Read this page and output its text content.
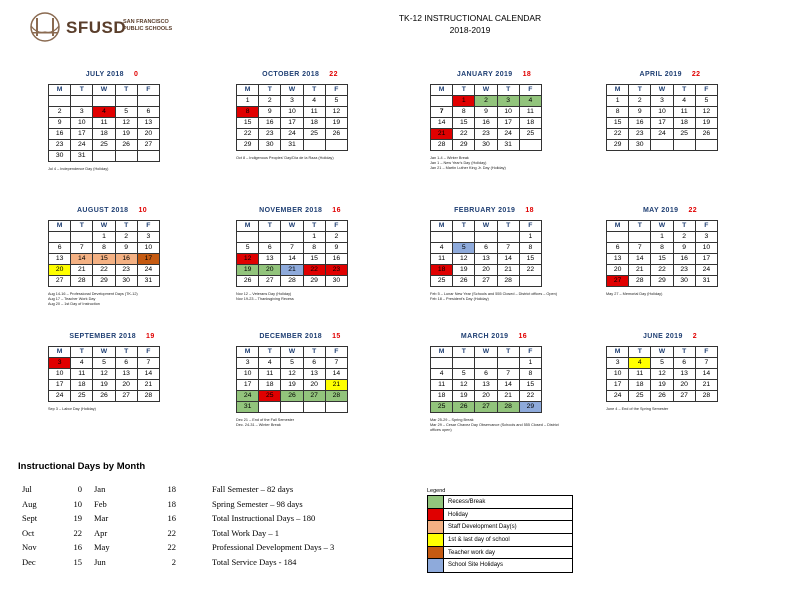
SFUSD
SAN FRANCISCO
PUBLIC SCHOOLS
TK-12 INSTRUCTIONAL CALENDAR
2018-2019
JULY 2018 0
M	T	W	T	F

2	3	4	5	6
9	10	11	12	13
16	17	18	19	20
23	24	25	26	27
30	31			
Jul 4 – Independence Day (Holiday)
OCTOBER 2018 22
M	T	W	T	F
1	2	3	4	5
8	9	10	11	12
15	16	17	18	19
22	23	24	25	26
29	30	31		
Oct 8 – Indigenous Peoples' Day/Día de la Raza (Holiday)
JANUARY 2019 18
M	T	W	T	F
	1	2	3	4
7	8	9	10	11
14	15	16	17	18
21	22	23	24	25
28	29	30	31	
Jan 1-4 – Winter Break
Jan 1 – New Year's Day (Holiday)
Jan 21 – Martin Luther King Jr. Day (Holiday)
APRIL 2019 22
M	T	W	T	F
1	2	3	4	5
8	9	10	11	12
15	16	17	18	19
22	23	24	25	26
29	30			
AUGUST 2018 10
M	T	W	T	F
		1	2	3
6	7	8	9	10
13	14	15	16	17
20	21	22	23	24
27	28	29	30	31
Aug 14-16 – Professional Development Days (TK-12)
Aug 17 – Teacher Work Day
Aug 20 – 1st Day of Instruction
NOVEMBER 2018 16
M	T	W	T	F
			1	2
5	6	7	8	9
12	13	14	15	16
19	20	21	22	23
26	27	28	29	30
Nov 12 – Veterans Day (Holiday)
Nov 19-23 – Thanksgiving Recess
FEBRUARY 2019 18
M	T	W	T	F
				1
4	5	6	7	8
11	12	13	14	15
18	19	20	21	22
25	26	27	28	
Feb 5 – Lunar New Year (Schools and 555 Closed – District offices – Open)
Feb 18 – President's Day (Holiday)
MAY 2019 22
M	T	W	T	F
		1	2	3
6	7	8	9	10
13	14	15	16	17
20	21	22	23	24
27	28	29	30	31
May 27 – Memorial Day (Holiday)
SEPTEMBER 2018 19
M	T	W	T	F
3	4	5	6	7
10	11	12	13	14
17	18	19	20	21
24	25	26	27	28
Sep 3 – Labor Day (Holiday)
DECEMBER 2018 15
M	T	W	T	F
3	4	5	6	7
10	11	12	13	14
17	18	19	20	21
24	25	26	27	28
31				
Dec 21 – End of the Fall Semester
Dec. 24-31 – Winter Break
MARCH 2019 16
M	T	W	T	F
				1
4	5	6	7	8
11	12	13	14	15
18	19	20	21	22
25	26	27	28	29
Mar 25-29 – Spring Break
Mar 29 – Cesar Chavez Day Observance (Schools and 555 Closed – District offices open)
JUNE 2019 2
M	T	W	T	F
3	4	5	6	7
10	11	12	13	14
17	18	19	20	21
24	25	26	27	28
June 4 – End of the Spring Semester
Instructional Days by Month
Jul	0	Jan	18
Aug	10	Feb	18
Sept	19	Mar	16
Oct	22	Apr	22
Nov	16	May	22
Dec	15	Jun	2
Fall Semester – 82 days
Spring Semester – 98 days
Total Instructional Days – 180
Total Work Day – 1
Professional Development Days – 3
Total Service Days - 184
Legend
Recess/Break
Holiday
Staff Development Day(s)
1st & last day of school
Teacher work day
School Site Holidays
